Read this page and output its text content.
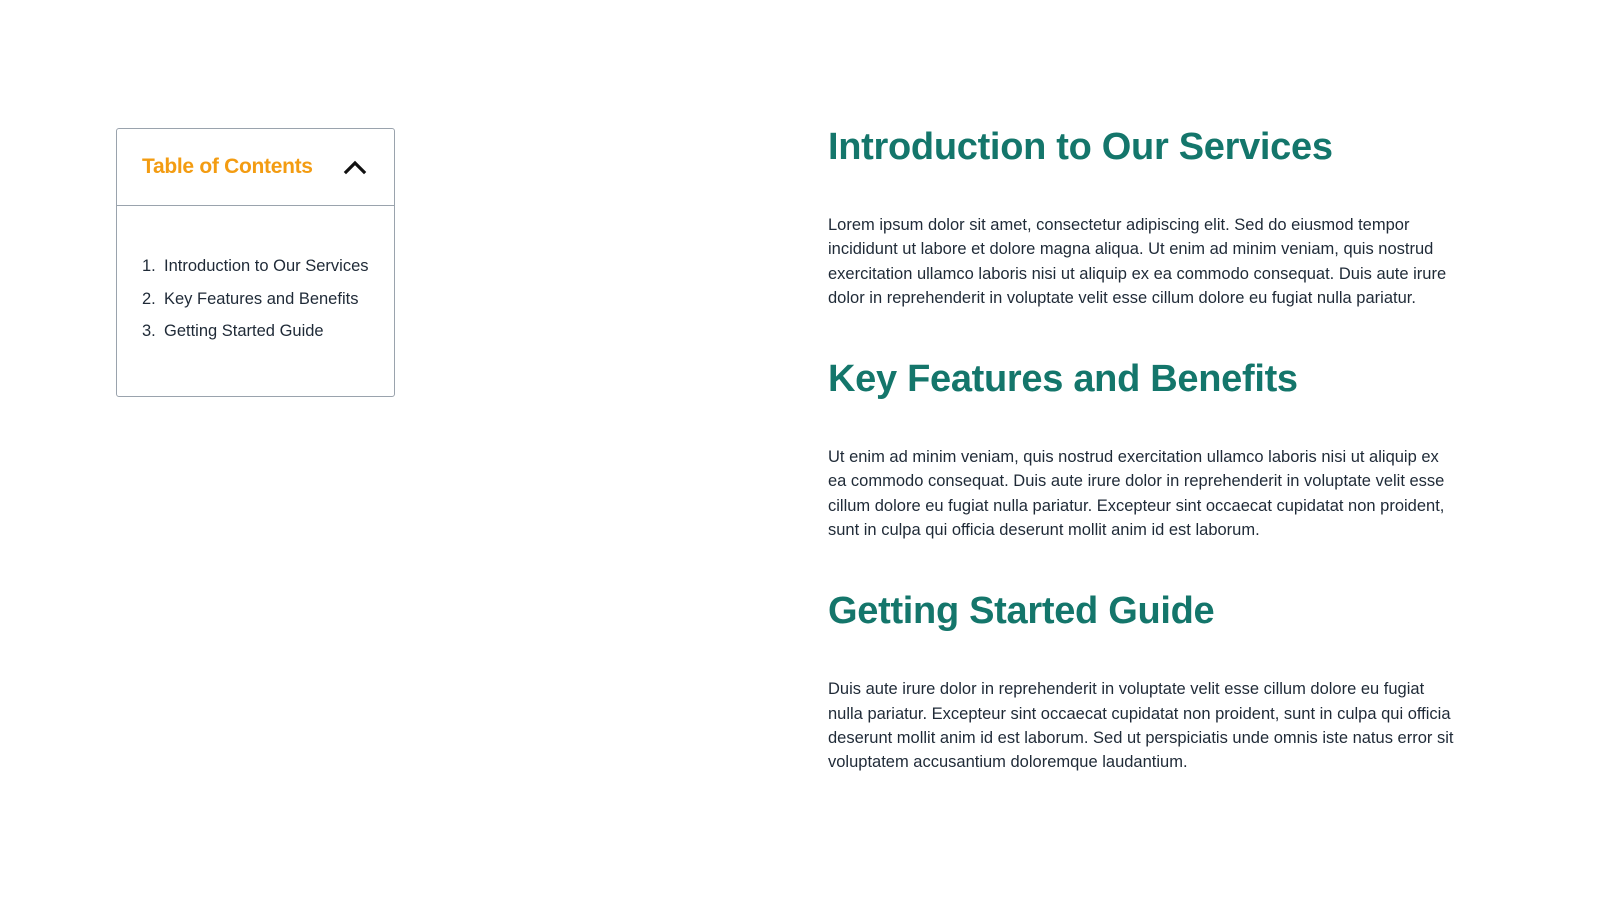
Table of Contents
1. Introduction to Our Services
2. Key Features and Benefits
3. Getting Started Guide
Introduction to Our Services

Lorem ipsum dolor sit amet, consectetur adipiscing elit. Sed do eiusmod tempor incididunt ut labore et dolore magna aliqua. Ut enim ad minim veniam, quis nostrud exercitation ullamco laboris nisi ut aliquip ex ea commodo consequat. Duis aute irure dolor in reprehenderit in voluptate velit esse cillum dolore eu fugiat nulla pariatur.

Key Features and Benefits

Ut enim ad minim veniam, quis nostrud exercitation ullamco laboris nisi ut aliquip ex ea commodo consequat. Duis aute irure dolor in reprehenderit in voluptate velit esse cillum dolore eu fugiat nulla pariatur. Excepteur sint occaecat cupidatat non proident, sunt in culpa qui officia deserunt mollit anim id est laborum.

Getting Started Guide

Duis aute irure dolor in reprehenderit in voluptate velit esse cillum dolore eu fugiat nulla pariatur. Excepteur sint occaecat cupidatat non proident, sunt in culpa qui officia deserunt mollit anim id est laborum. Sed ut perspiciatis unde omnis iste natus error sit voluptatem accusantium doloremque laudantium.
